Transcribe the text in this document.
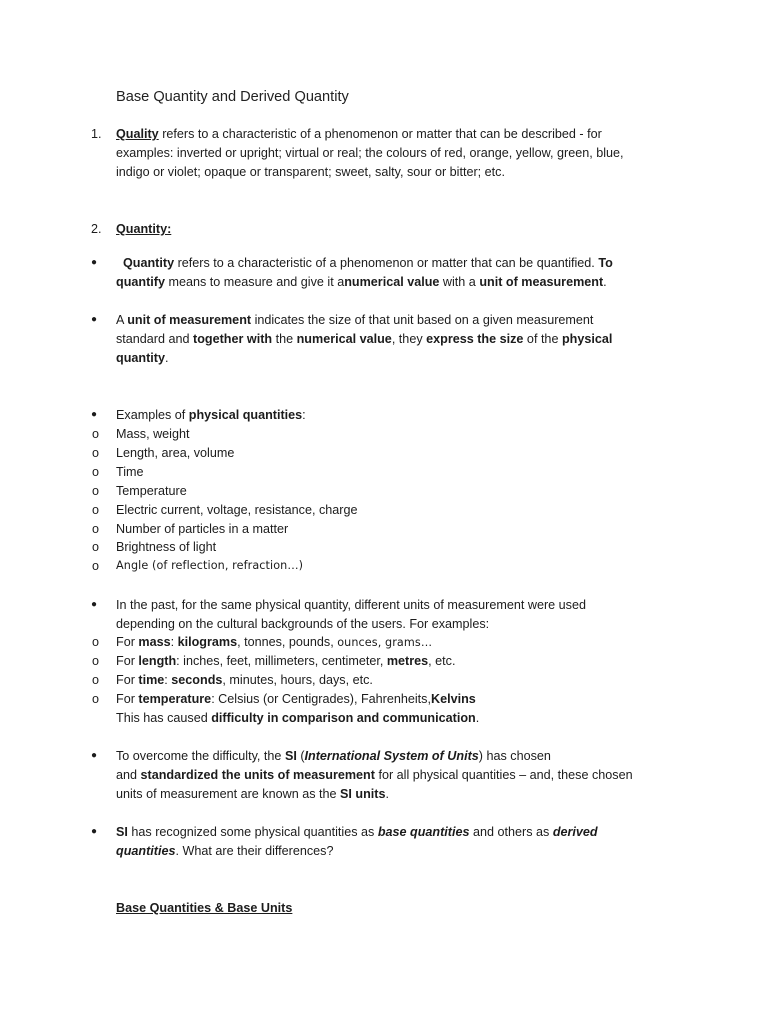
Base Quantity and Derived Quantity
1.	Quality refers to a characteristic of a phenomenon or matter that can be described - for
examples: inverted or upright; virtual or real; the colours of red, orange, yellow, green, blue,
indigo or violet; opaque or transparent; sweet, salty, sour or bitter; etc.
2.	Quantity:
●	Quantity refers to a characteristic of a phenomenon or matter that can be quantified. To
quantify means to measure and give it anumerical value with a unit of measurement.
●	A unit of measurement indicates the size of that unit based on a given measurement
standard and together with the numerical value, they express the size of the physical
quantity.
●	Examples of physical quantities:
o	Mass, weight
o	Length, area, volume
o	Time
o	Temperature
o	Electric current, voltage, resistance, charge
o	Number of particles in a matter
o	Brightness of light
o	Angle (of reflection, refraction…)
●	In the past, for the same physical quantity, different units of measurement were used
depending on the cultural backgrounds of the users. For examples:
o	For mass: kilograms, tonnes, pounds, ounces, grams…
o	For length: inches, feet, millimeters, centimeter, metres, etc.
o	For time: seconds, minutes, hours, days, etc.
o	For temperature: Celsius (or Centigrades), Fahrenheits,Kelvins
This has caused difficulty in comparison and communication.
●	To overcome the difficulty, the SI (International System of Units) has chosen
and standardized the units of measurement for all physical quantities – and, these chosen
units of measurement are known as the SI units.
●	SI has recognized some physical quantities as base quantities and others as derived
quantities. What are their differences?
Base Quantities & Base Units
